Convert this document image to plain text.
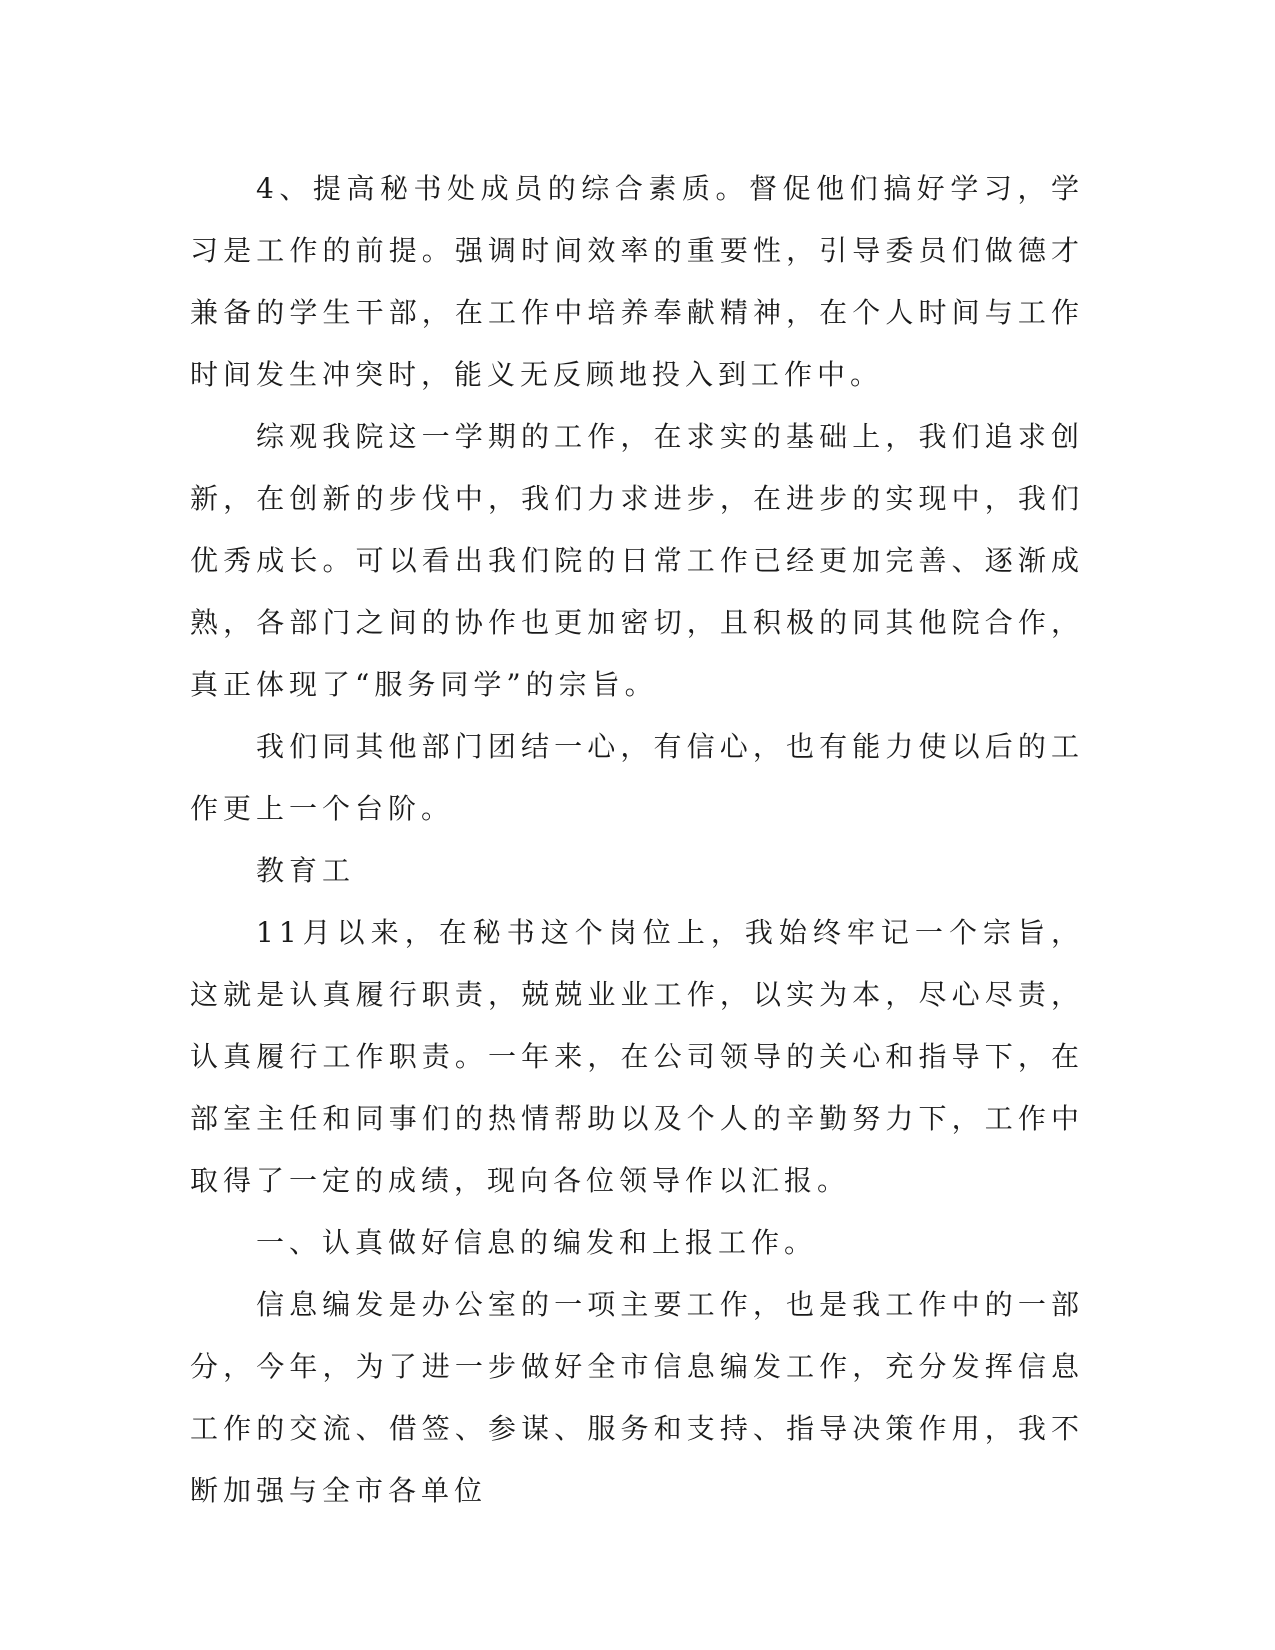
4、提高秘书处成员的综合素质。督促他们搞好学习，学习是工作的前提。强调时间效率的重要性，引导委员们做德才兼备的学生干部，在工作中培养奉献精神，在个人时间与工作时间发生冲突时，能义无反顾地投入到工作中。

综观我院这一学期的工作，在求实的基础上，我们追求创新，在创新的步伐中，我们力求进步，在进步的实现中，我们优秀成长。可以看出我们院的日常工作已经更加完善、逐渐成熟，各部门之间的协作也更加密切，且积极的同其他院合作，真正体现了“服务同学”的宗旨。

我们同其他部门团结一心，有信心，也有能力使以后的工作更上一个台阶。

教育工

11月以来，在秘书这个岗位上，我始终牢记一个宗旨，这就是认真履行职责，兢兢业业工作，以实为本，尽心尽责，认真履行工作职责。一年来，在公司领导的关心和指导下，在部室主任和同事们的热情帮助以及个人的辛勤努力下，工作中取得了一定的成绩，现向各位领导作以汇报。

一、认真做好信息的编发和上报工作。

信息编发是办公室的一项主要工作，也是我工作中的一部分，今年，为了进一步做好全市信息编发工作，充分发挥信息工作的交流、借签、参谋、服务和支持、指导决策作用，我不断加强与全市各单位
